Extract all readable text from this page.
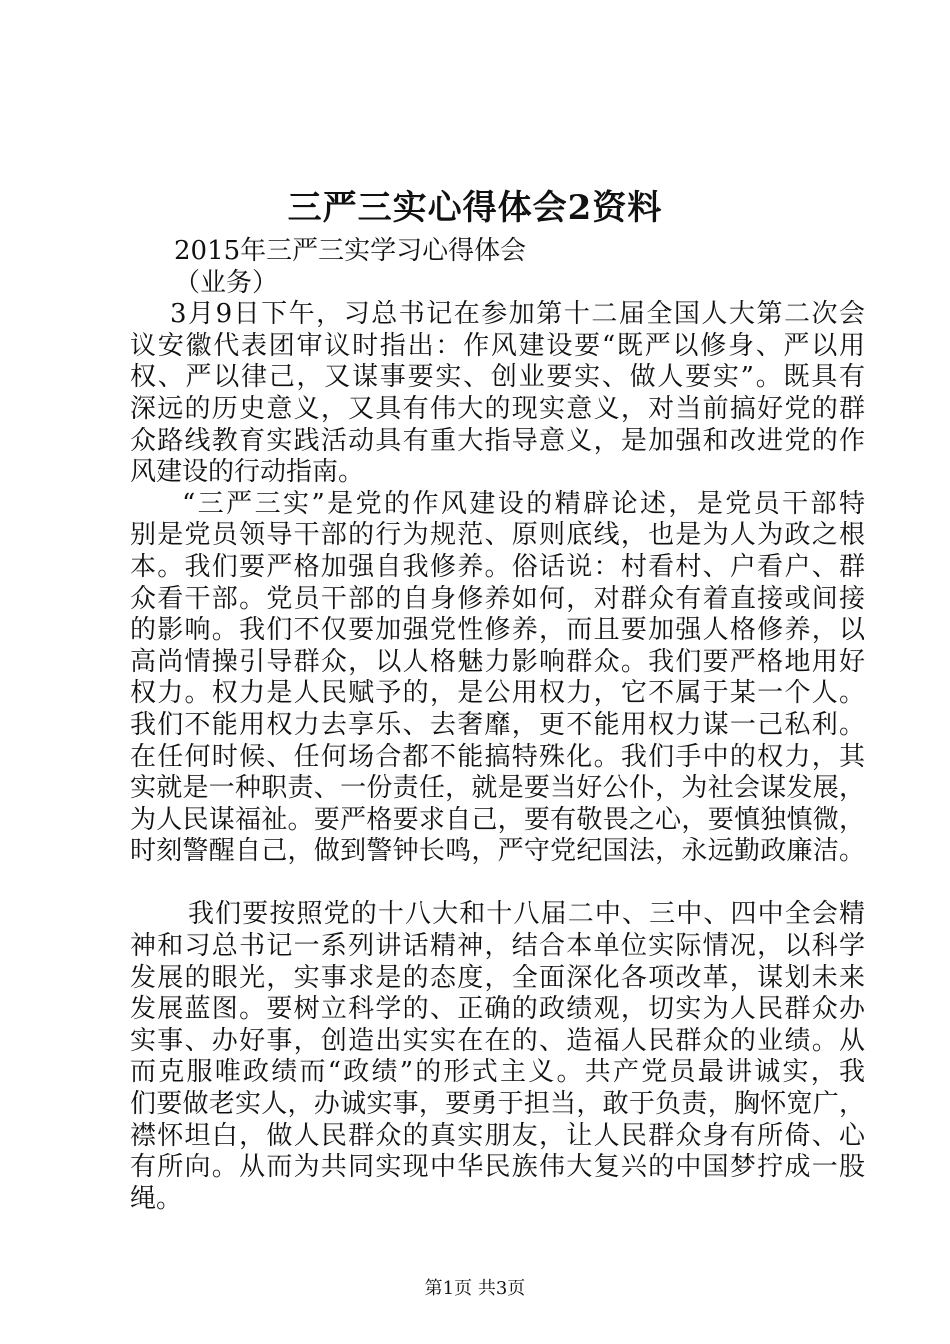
三严三实心得体会2资料
2015年三严三实学习心得体会
（业务）
3月9日下午，习总书记在参加第十二届全国人大第二次会
议安徽代表团审议时指出：作风建设要“既严以修身、严以用
权、严以律己，又谋事要实、创业要实、做人要实”。既具有
深远的历史意义，又具有伟大的现实意义，对当前搞好党的群
众路线教育实践活动具有重大指导意义，是加强和改进党的作
风建设的行动指南。
“三严三实”是党的作风建设的精辟论述，是党员干部特
别是党员领导干部的行为规范、原则底线，也是为人为政之根
本。我们要严格加强自我修养。俗话说：村看村、户看户、群
众看干部。党员干部的自身修养如何，对群众有着直接或间接
的影响。我们不仅要加强党性修养，而且要加强人格修养，以
高尚情操引导群众，以人格魅力影响群众。我们要严格地用好
权力。权力是人民赋予的，是公用权力，它不属于某一个人。
我们不能用权力去享乐、去奢靡，更不能用权力谋一己私利。
在任何时候、任何场合都不能搞特殊化。我们手中的权力，其
实就是一种职责、一份责任，就是要当好公仆，为社会谋发展，
为人民谋福祉。要严格要求自己，要有敬畏之心，要慎独慎微，
时刻警醒自己，做到警钟长鸣，严守党纪国法，永远勤政廉洁。
我们要按照党的十八大和十八届二中、三中、四中全会精
神和习总书记一系列讲话精神，结合本单位实际情况，以科学
发展的眼光，实事求是的态度，全面深化各项改革，谋划未来
发展蓝图。要树立科学的、正确的政绩观，切实为人民群众办
实事、办好事，创造出实实在在的、造福人民群众的业绩。从
而克服唯政绩而“政绩”的形式主义。共产党员最讲诚实，我
们要做老实人，办诚实事，要勇于担当，敢于负责，胸怀宽广，
襟怀坦白，做人民群众的真实朋友，让人民群众身有所倚、心
有所向。从而为共同实现中华民族伟大复兴的中国梦拧成一股
绳。
第1页 共3页
